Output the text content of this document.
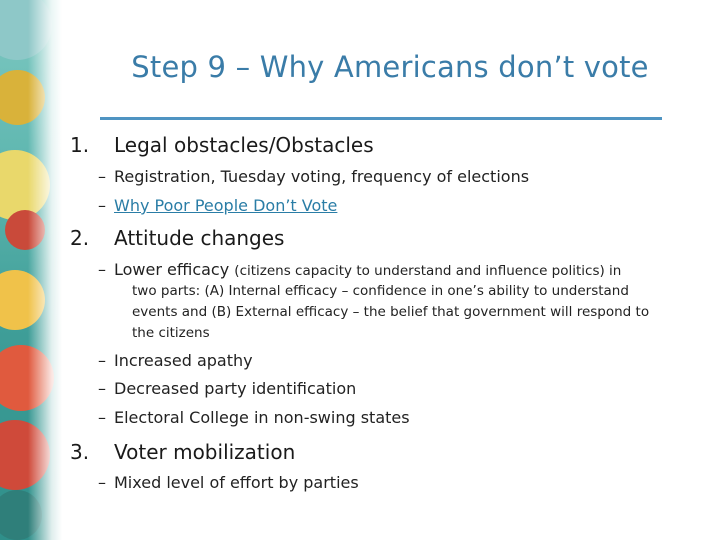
Step 9 – Why Americans don’t vote
1. Legal obstacles/Obstacles
– Registration, Tuesday voting, frequency of elections
– Why Poor People Don’t Vote
2. Attitude changes
– Lower efficacy (citizens capacity to understand and influence politics) in
two parts: (A) Internal efficacy – confidence in one’s ability to understand events and (B) External efficacy – the belief that government will respond to the citizens
– Increased apathy
– Decreased party identification
– Electoral College in non-swing states
3. Voter mobilization
– Mixed level of effort by parties
